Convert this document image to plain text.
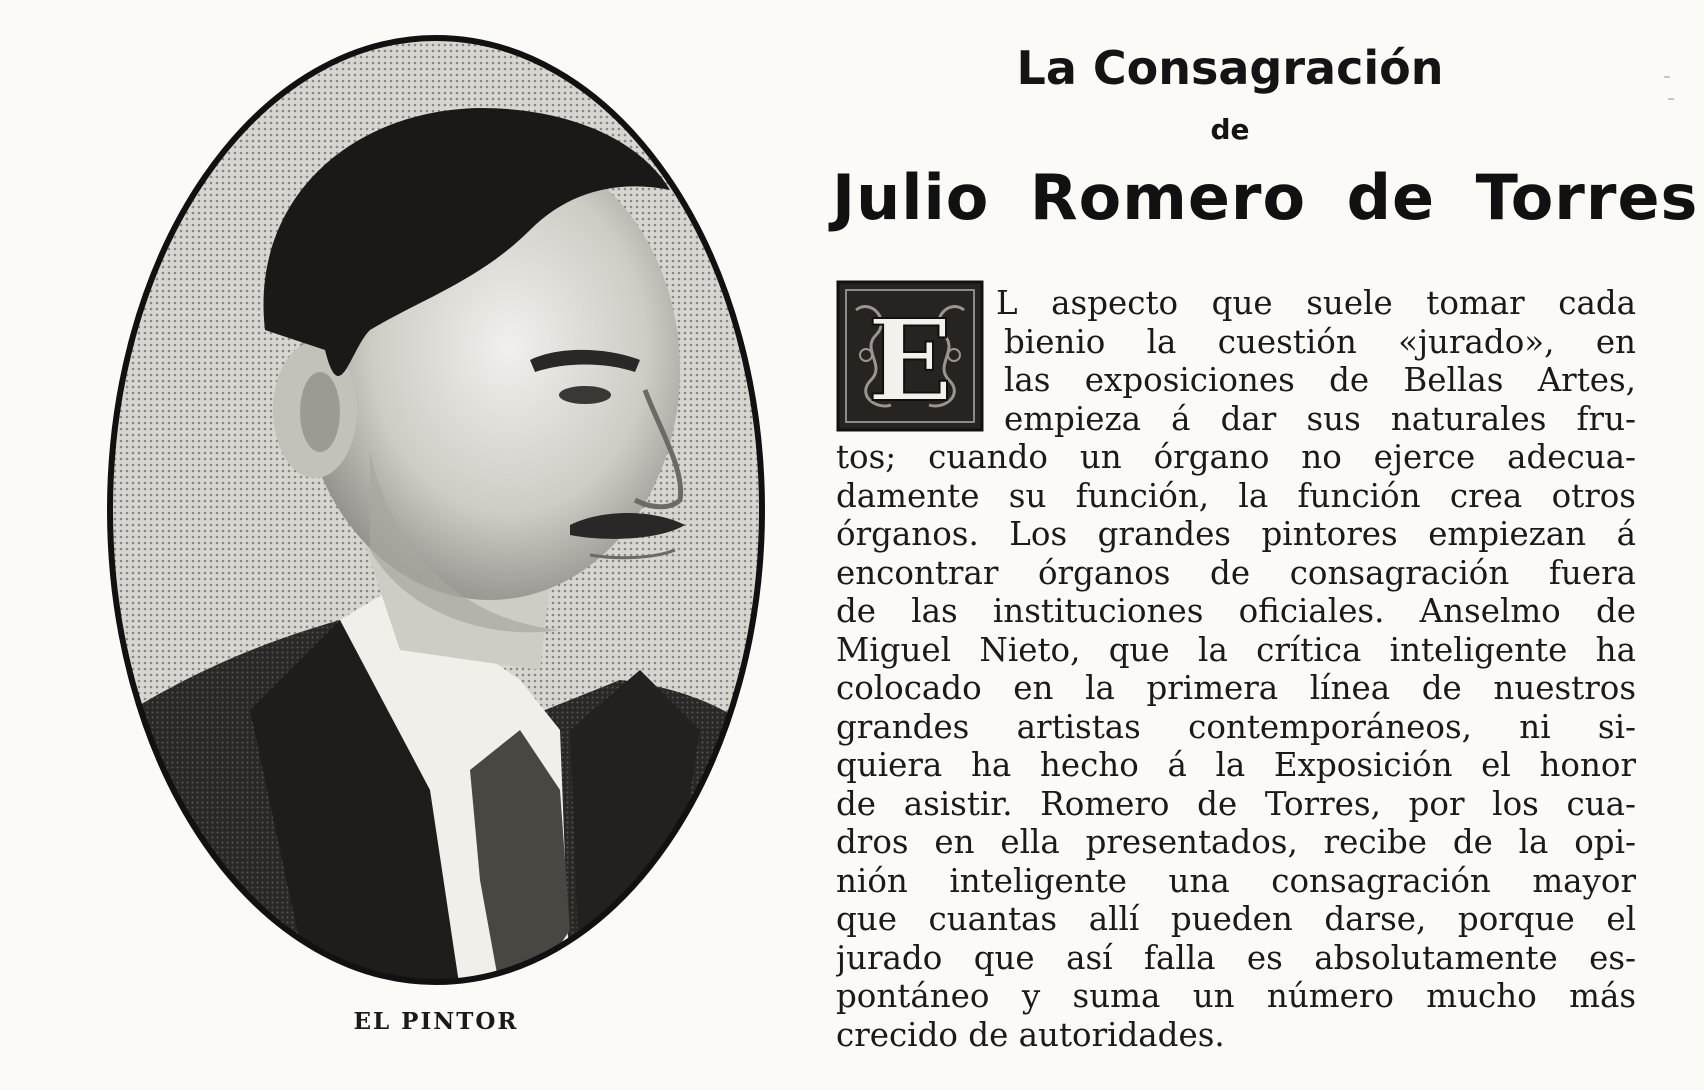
EL PINTOR
La Consagración
de
Julio Romero de Torres
E	L aspecto que suele tomar cada
bienio la cuestión «jurado», en
las exposiciones de Bellas Artes,
empieza á dar sus naturales fru-
tos; cuando un órgano no ejerce adecua-
damente su función, la función crea otros
órganos. Los grandes pintores empiezan á
encontrar órganos de consagración fuera
de las instituciones oficiales. Anselmo de
Miguel Nieto, que la crítica inteligente ha
colocado en la primera línea de nuestros
grandes artistas contemporáneos, ni si-
quiera ha hecho á la Exposición el honor
de asistir. Romero de Torres, por los cua-
dros en ella presentados, recibe de la opi-
nión inteligente una consagración mayor
que cuantas allí pueden darse, porque el
jurado que así falla es absolutamente es-
pontáneo y suma un número mucho más
crecido de autoridades.
